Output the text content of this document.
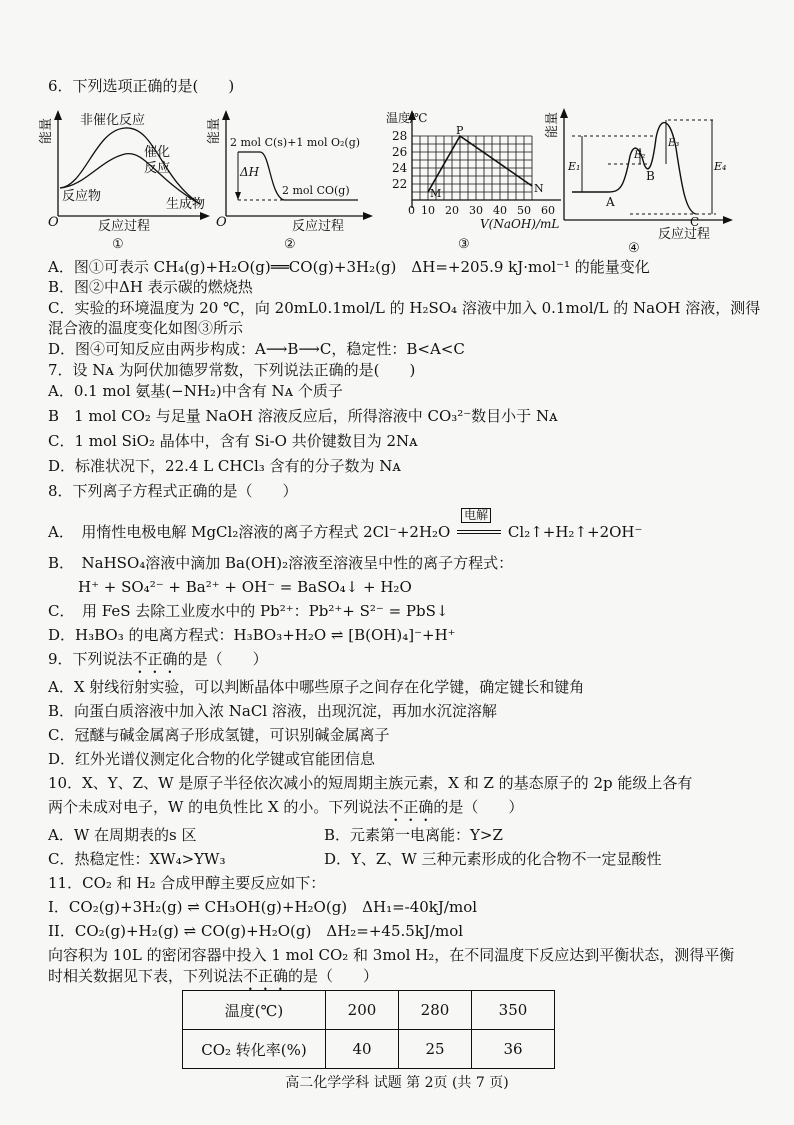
6．下列选项正确的是(　　)
能量 非催化反应
催化
反应
反应物
生成物
O	反应过程
①
能量 2 mol C(s)+1 mol O₂(g)
ΔH
2 mol CO(g)
O	反应过程
②
温度/℃
28
26
24
22
0 10 20 30 40 50 60
V(NaOH)/mL
M
P
N
③
能量
E₁
E₂
E₃
E₄
A
B
C
反应过程
④
A．图①可表示 CH₄(g)+H₂O(g)══CO(g)+3H₂(g)　ΔH=+205.9 kJ·mol⁻¹ 的能量变化
B．图②中ΔH 表示碳的燃烧热
C．实验的环境温度为 20 ℃，向 20mL0.1mol/L 的 H₂SO₄ 溶液中加入 0.1mol/L 的 NaOH 溶液，测得
混合液的温度变化如图③所示
D．图④可知反应由两步构成：A⟶B⟶C，稳定性：B<A<C
7．设 Nᴀ 为阿伏加德罗常数，下列说法正确的是(　　)
A．0.1 mol 氨基(−NH₂)中含有 Nᴀ 个质子
B　1 mol CO₂ 与足量 NaOH 溶液反应后，所得溶液中 CO₃²⁻数目小于 Nᴀ
C．1 mol SiO₂ 晶体中，含有 Si-O 共价键数目为 2Nᴀ
D．标准状况下，22.4 L CHCl₃ 含有的分子数为 Nᴀ
8．下列离子方程式正确的是（　　）
A．　用惰性电极电解 MgCl₂溶液的离子方程式 2Cl⁻+2H₂O
电解
Cl₂↑+H₂↑+2OH⁻
B．　NaHSO₄溶液中滴加 Ba(OH)₂溶液至溶液呈中性的离子方程式：
H⁺ + SO₄²⁻ + Ba²⁺ + OH⁻ = BaSO₄↓ + H₂O
C．　用 FeS 去除工业废水中的 Pb²⁺：Pb²⁺+ S²⁻ = PbS↓
D．H₃BO₃ 的电离方程式：H₃BO₃+H₂O ⇌ [B(OH)₄]⁻+H⁺
9．下列说法不正确的是（　　）
A．X 射线衍射实验，可以判断晶体中哪些原子之间存在化学键，确定键长和键角
B．向蛋白质溶液中加入浓 NaCl 溶液，出现沉淀，再加水沉淀溶解
C．冠醚与碱金属离子形成氢键，可识别碱金属离子
D．红外光谱仪测定化合物的化学键或官能团信息
10．X、Y、Z、W 是原子半径依次减小的短周期主族元素，X 和 Z 的基态原子的 2p 能级上各有
两个未成对电子，W 的电负性比 X 的小。下列说法不正确的是（　　）
A．W 在周期表的s 区	B．元素第一电离能：Y>Z
C．热稳定性：XW₄>YW₃	D．Y、Z、W 三种元素形成的化合物不一定显酸性
11．CO₂ 和 H₂ 合成甲醇主要反应如下：
I．CO₂(g)+3H₂(g) ⇌ CH₃OH(g)+H₂O(g)　ΔH₁=-40kJ/mol
II．CO₂(g)+H₂(g) ⇌ CO(g)+H₂O(g)　ΔH₂=+45.5kJ/mol
向容积为 10L 的密闭容器中投入 1 mol CO₂ 和 3mol H₂，在不同温度下反应达到平衡状态，测得平衡
时相关数据见下表，下列说法不正确的是（　　）
温度(℃)	200	280	350
CO₂ 转化率(%)	40	25	36
高二化学学科 试题 第 2页 (共 7 页)
